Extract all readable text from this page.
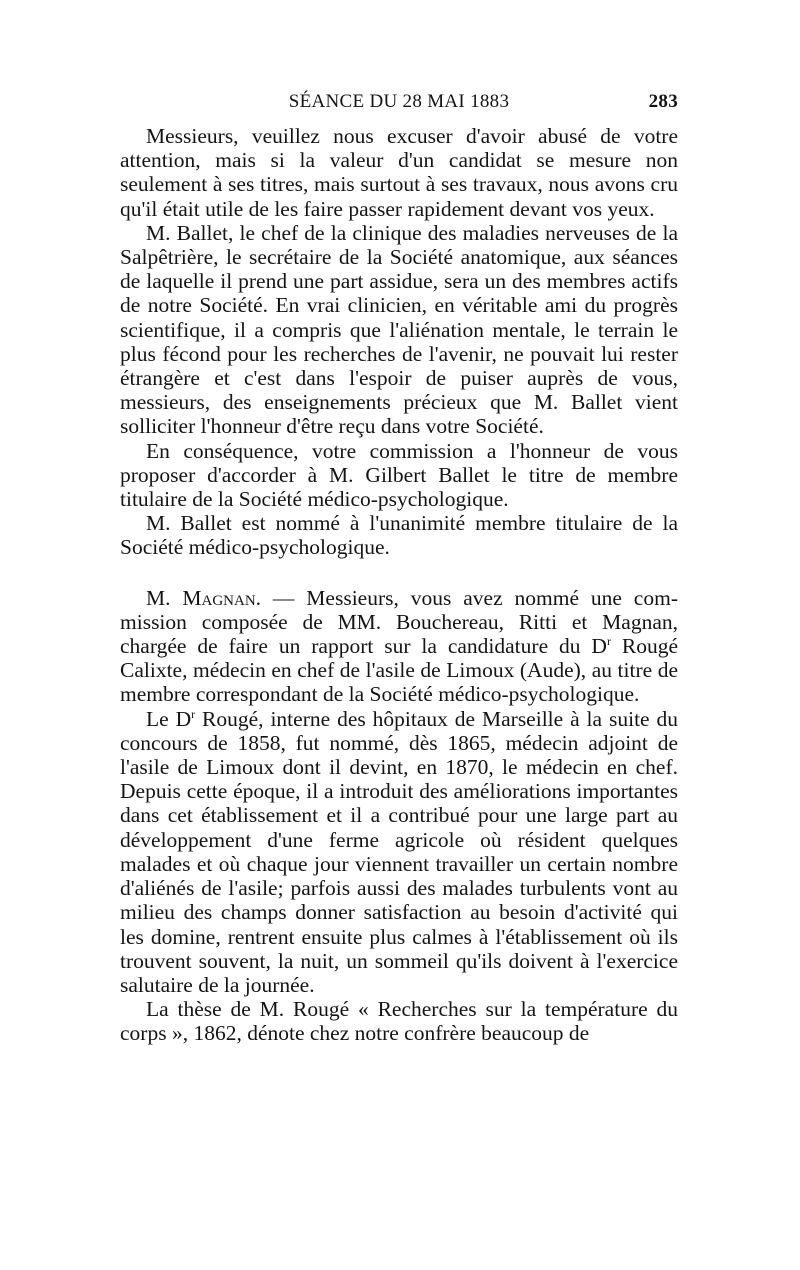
SÉANCE DU 28 MAI 1883	283

Messieurs, veuillez nous excuser d'avoir abusé de votre attention, mais si la valeur d'un candidat se mesure non seulement à ses titres, mais surtout à ses travaux, nous avons cru qu'il était utile de les faire passer rapidement devant vos yeux.

M. Ballet, le chef de la clinique des maladies nerveuses de la Salpêtrière, le secrétaire de la Société anatomique, aux séances de laquelle il prend une part assidue, sera un des membres actifs de notre Société. En vrai clinicien, en véritable ami du progrès scientifique, il a compris que l'aliénation mentale, le terrain le plus fécond pour les recherches de l'avenir, ne pouvait lui rester étrangère et c'est dans l'espoir de puiser auprès de vous, messieurs, des enseignements précieux que M. Ballet vient solliciter l'honneur d'être reçu dans votre Société.

En conséquence, votre commission a l'honneur de vous proposer d'accorder à M. Gilbert Ballet le titre de membre titulaire de la Société médico-psychologique.

M. Ballet est nommé à l'unanimité membre titulaire de la Société médico-psychologique.

M. Magnan. — Messieurs, vous avez nommé une commission composée de MM. Bouchereau, Ritti et Magnan, chargée de faire un rapport sur la candidature du $D^r$ Rougé Calixte, médecin en chef de l'asile de Limoux (Aude), au titre de membre correspondant de la Société médico-psychologique.

Le $D^r$ Rougé, interne des hôpitaux de Marseille à la suite du concours de 1858, fut nommé, dès 1865, médecin adjoint de l'asile de Limoux dont il devint, en 1870, le médecin en chef. Depuis cette époque, il a introduit des améliorations importantes dans cet établissement et il a contribué pour une large part au développement d'une ferme agricole où résident quelques malades et où chaque jour viennent travailler un certain nombre d'aliénés de l'asile; parfois aussi des malades turbulents vont au milieu des champs donner satisfaction au besoin d'activité qui les domine, rentrent ensuite plus calmes à l'établissement où ils trouvent souvent, la nuit, un sommeil qu'ils doivent à l'exercice salutaire de la journée.

La thèse de M. Rougé « Recherches sur la température du corps », 1862, dénote chez notre confrère beaucoup de
